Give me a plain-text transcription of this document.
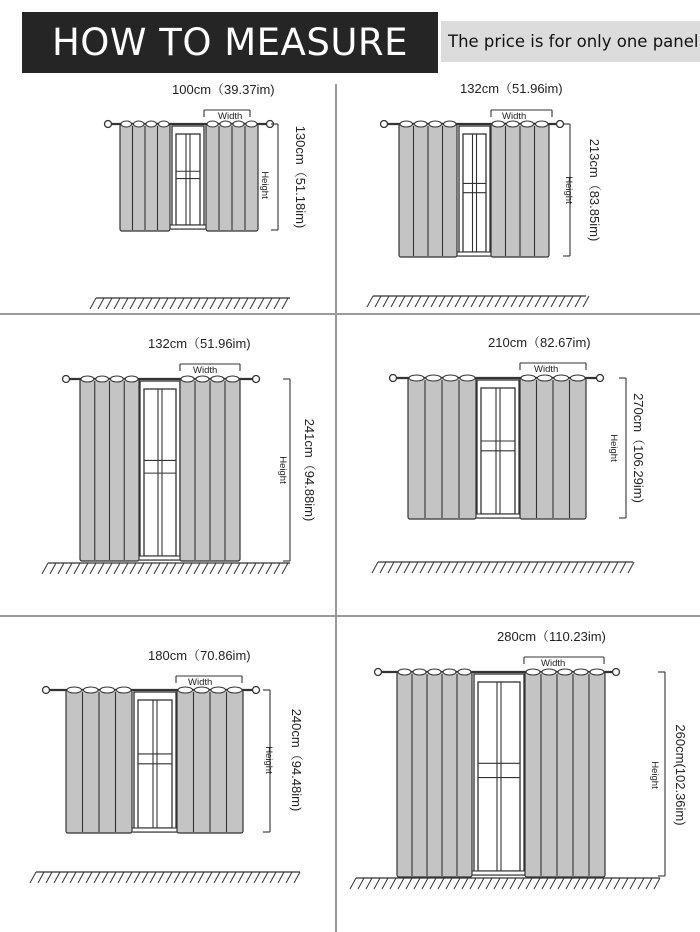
HOW TO MEASURE	The price is for only one panel
Width
100cm（39.37im)
Height 130cm（51.18im)
Width
132cm（51.96im)
Height 213cm（83.85im)
Width
132cm（51.96im)
Height 241cm（94.88im)
Width
210cm（82.67im)
Height 270cm（106.29im)
Width
180cm（70.86im)
Height 240cm（94.48im)
Width
280cm（110.23im)
Height 260cm(102.36im)
